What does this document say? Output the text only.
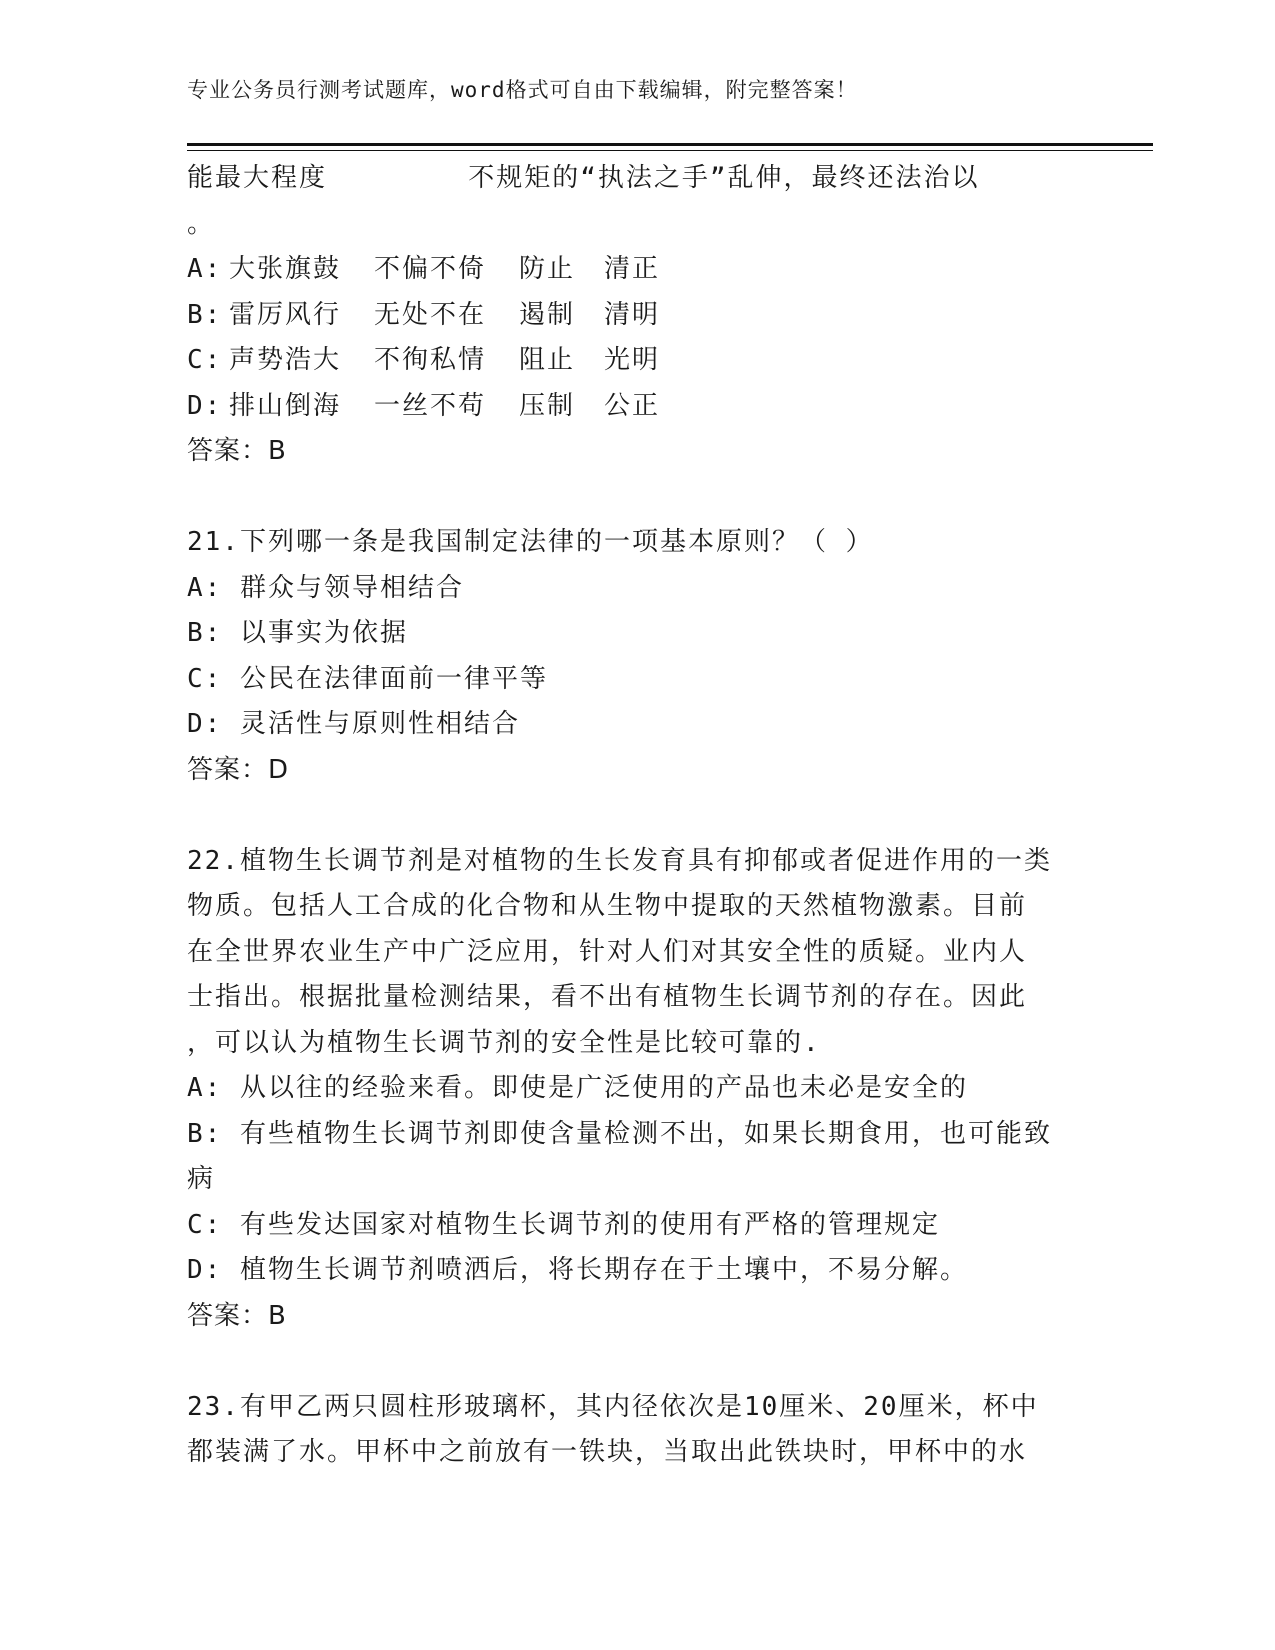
专业公务员行测考试题库，word格式可自由下载编辑，附完整答案！
能最大程度        不规矩的“执法之手”乱伸，最终还法治以
。
A: 大张旗鼓 不偏不倚 防止 清正
B: 雷厉风行 无处不在 遏制 清明
C: 声势浩大 不徇私情 阻止 光明
D: 排山倒海 一丝不苟 压制 公正
答案：B
21.下列哪一条是我国制定法律的一项基本原则？（ ）
A: 群众与领导相结合
B: 以事实为依据
C: 公民在法律面前一律平等
D: 灵活性与原则性相结合
答案：D
22.植物生长调节剂是对植物的生长发育具有抑郁或者促进作用的一类
物质。包括人工合成的化合物和从生物中提取的天然植物激素。目前
在全世界农业生产中广泛应用，针对人们对其安全性的质疑。业内人
士指出。根据批量检测结果，看不出有植物生长调节剂的存在。因此
，可以认为植物生长调节剂的安全性是比较可靠的.
A: 从以往的经验来看。即使是广泛使用的产品也未必是安全的
B: 有些植物生长调节剂即使含量检测不出，如果长期食用，也可能致
病
C: 有些发达国家对植物生长调节剂的使用有严格的管理规定
D: 植物生长调节剂喷洒后，将长期存在于土壤中，不易分解。
答案：B
23.有甲乙两只圆柱形玻璃杯，其内径依次是10厘米、20厘米，杯中
都装满了水。甲杯中之前放有一铁块，当取出此铁块时，甲杯中的水
